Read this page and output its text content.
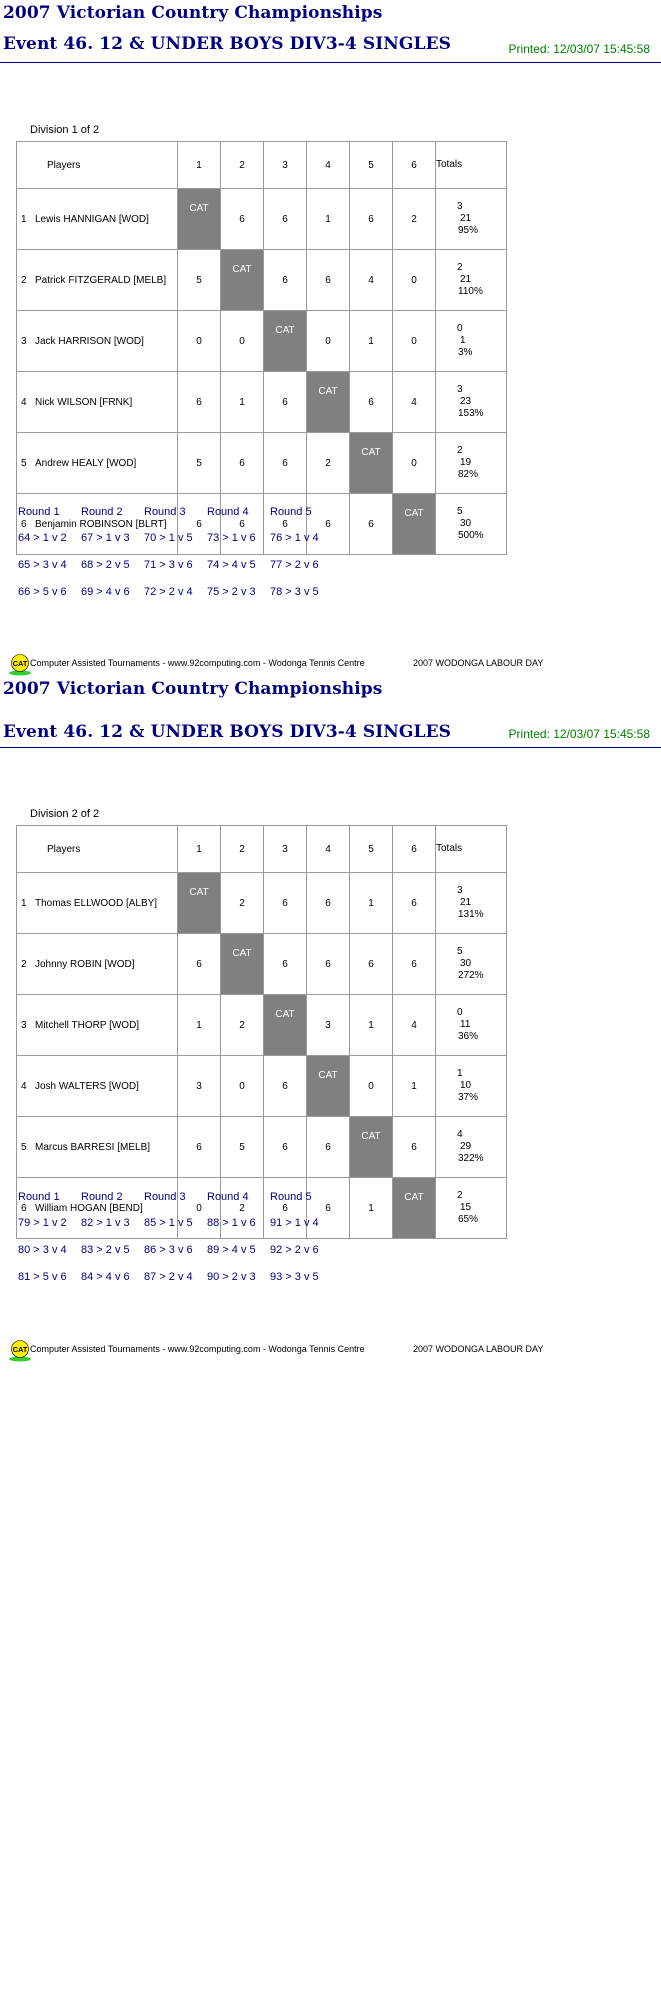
2007 Victorian Country Championships
Event 46. 12 & UNDER BOYS DIV3-4 SINGLES	Printed: 12/03/07 15:45:58
Division 1 of 2
Players	1	2	3	4	5	6	Totals
1 Lewis HANNIGAN [WOD]	CAT	6	6	1	6	2	3
21
95%

2 Patrick FITZGERALD [MELB]	5	CAT	6	6	4	0	2
21
110%

3 Jack HARRISON [WOD]	0	0	CAT	0	1	0	0
1
3%

4 Nick WILSON [FRNK]	6	1	6	CAT	6	4	3
23
153%

5 Andrew HEALY [WOD]	5	6	6	2	CAT	0	2
19
82%

6 Benjamin ROBINSON [BLRT]	6	6	6	6	6	CAT	5
30
500%
Round 1 Round 2 Round 3 Round 4 Round 5
64 > 1 v 2 67 > 1 v 3 70 > 1 v 5 73 > 1 v 6 76 > 1 v 4
65 > 3 v 4 68 > 2 v 5 71 > 3 v 6 74 > 4 v 5 77 > 2 v 6
66 > 5 v 6 69 > 4 v 6 72 > 2 v 4 75 > 2 v 3 78 > 3 v 5
CAT Computer Assisted Tournaments - www.92computing.com - Wodonga Tennis Centre	2007 WODONGA LABOUR DAY
2007 Victorian Country Championships
Event 46. 12 & UNDER BOYS DIV3-4 SINGLES	Printed: 12/03/07 15:45:58
Division 2 of 2
Players	1	2	3	4	5	6	Totals
1 Thomas ELLWOOD [ALBY]	CAT	2	6	6	1	6	3
21
131%

2 Johnny ROBIN [WOD]	6	CAT	6	6	6	6	5
30
272%

3 Mitchell THORP [WOD]	1	2	CAT	3	1	4	0
11
36%

4 Josh WALTERS [WOD]	3	0	6	CAT	0	1	1
10
37%

5 Marcus BARRESI [MELB]	6	5	6	6	CAT	6	4
29
322%

6 William HOGAN [BEND]	0	2	6	6	1	CAT	2
15
65%
Round 1 Round 2 Round 3 Round 4 Round 5
79 > 1 v 2 82 > 1 v 3 85 > 1 v 5 88 > 1 v 6 91 > 1 v 4
80 > 3 v 4 83 > 2 v 5 86 > 3 v 6 89 > 4 v 5 92 > 2 v 6
81 > 5 v 6 84 > 4 v 6 87 > 2 v 4 90 > 2 v 3 93 > 3 v 5
CAT Computer Assisted Tournaments - www.92computing.com - Wodonga Tennis Centre	2007 WODONGA LABOUR DAY
